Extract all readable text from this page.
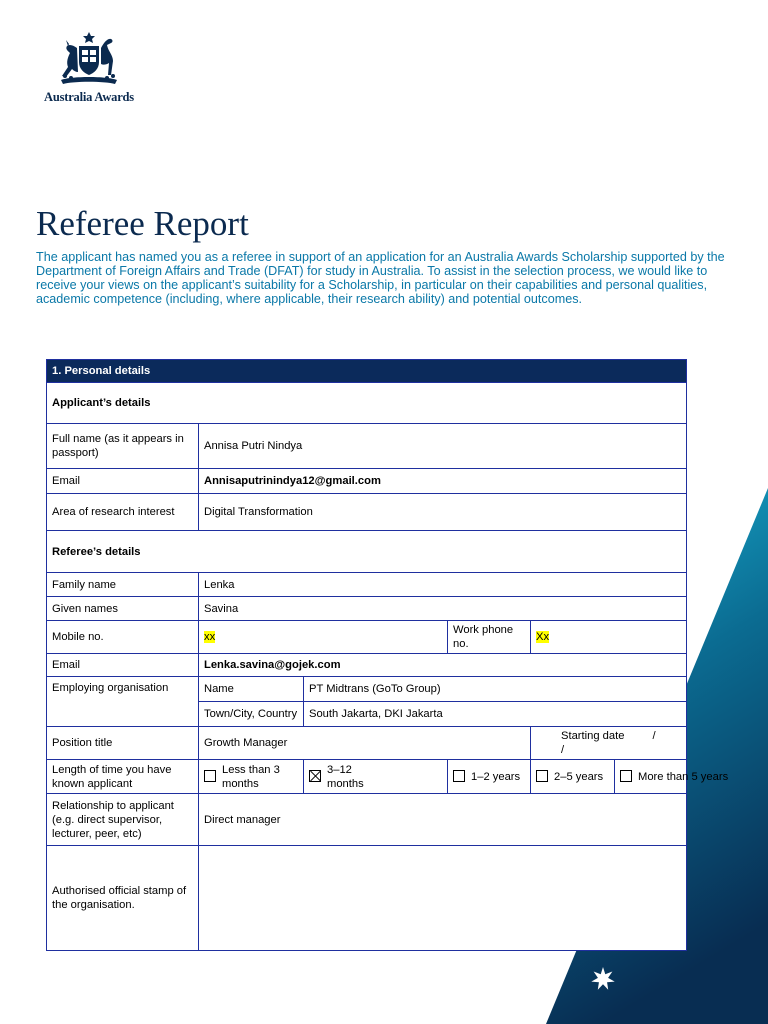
Australia Awards
Referee Report

The applicant has named you as a referee in support of an application for an Australia Awards Scholarship supported by the Department of Foreign Affairs and Trade (DFAT) for study in Australia. To assist in the selection process, we would like to receive your views on the applicant’s suitability for a Scholarship, in particular on their capabilities and personal qualities, academic competence (including, where applicable, their research ability) and potential outcomes.

1. Personal details					
Applicant’s details					
Full name (as it appears in passport)	Annisa Putri Nindya				
Email	Annisaputrinindya12@gmail.com				
Area of research interest	Digital Transformation				
Referee’s details					
Family name	Lenka				
Given names	Savina				
Mobile no.	xx		Work phone no.	Xx	
Email	Lenka.savina@gojek.com				
Employing organisation	Name	PT Midtrans (GoTo Group)			
	Town/City, Country	South Jakarta, DKI Jakarta			
Position title	Growth Manager			Starting date / /	
Length of time you have known applicant	Less than 3 months	3–12 months	1–2 years	2–5 years	More than 5 years

Relationship to applicant (e.g. direct supervisor, lecturer, peer, etc)	Direct manager				
Authorised official stamp of the organisation.					
